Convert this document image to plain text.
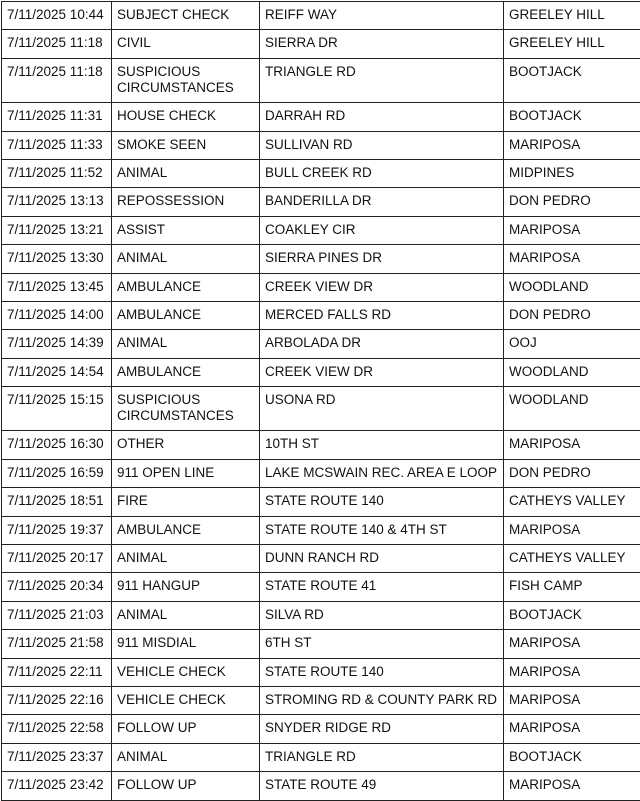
7/11/2025 10:44	SUBJECT CHECK	REIFF WAY	GREELEY HILL
7/11/2025 11:18	CIVIL	SIERRA DR	GREELEY HILL
7/11/2025 11:18	SUSPICIOUS CIRCUMSTANCES	TRIANGLE RD	BOOTJACK
7/11/2025 11:31	HOUSE CHECK	DARRAH RD	BOOTJACK
7/11/2025 11:33	SMOKE SEEN	SULLIVAN RD	MARIPOSA
7/11/2025 11:52	ANIMAL	BULL CREEK RD	MIDPINES
7/11/2025 13:13	REPOSSESSION	BANDERILLA DR	DON PEDRO
7/11/2025 13:21	ASSIST	COAKLEY CIR	MARIPOSA
7/11/2025 13:30	ANIMAL	SIERRA PINES DR	MARIPOSA
7/11/2025 13:45	AMBULANCE	CREEK VIEW DR	WOODLAND
7/11/2025 14:00	AMBULANCE	MERCED FALLS RD	DON PEDRO
7/11/2025 14:39	ANIMAL	ARBOLADA DR	OOJ
7/11/2025 14:54	AMBULANCE	CREEK VIEW DR	WOODLAND
7/11/2025 15:15	SUSPICIOUS CIRCUMSTANCES	USONA RD	WOODLAND
7/11/2025 16:30	OTHER	10TH ST	MARIPOSA
7/11/2025 16:59	911 OPEN LINE	LAKE MCSWAIN REC. AREA E LOOP	DON PEDRO
7/11/2025 18:51	FIRE	STATE ROUTE 140	CATHEYS VALLEY
7/11/2025 19:37	AMBULANCE	STATE ROUTE 140 & 4TH ST	MARIPOSA
7/11/2025 20:17	ANIMAL	DUNN RANCH RD	CATHEYS VALLEY
7/11/2025 20:34	911 HANGUP	STATE ROUTE 41	FISH CAMP
7/11/2025 21:03	ANIMAL	SILVA RD	BOOTJACK
7/11/2025 21:58	911 MISDIAL	6TH ST	MARIPOSA
7/11/2025 22:11	VEHICLE CHECK	STATE ROUTE 140	MARIPOSA
7/11/2025 22:16	VEHICLE CHECK	STROMING RD & COUNTY PARK RD	MARIPOSA
7/11/2025 22:58	FOLLOW UP	SNYDER RIDGE RD	MARIPOSA
7/11/2025 23:37	ANIMAL	TRIANGLE RD	BOOTJACK
7/11/2025 23:42	FOLLOW UP	STATE ROUTE 49	MARIPOSA
